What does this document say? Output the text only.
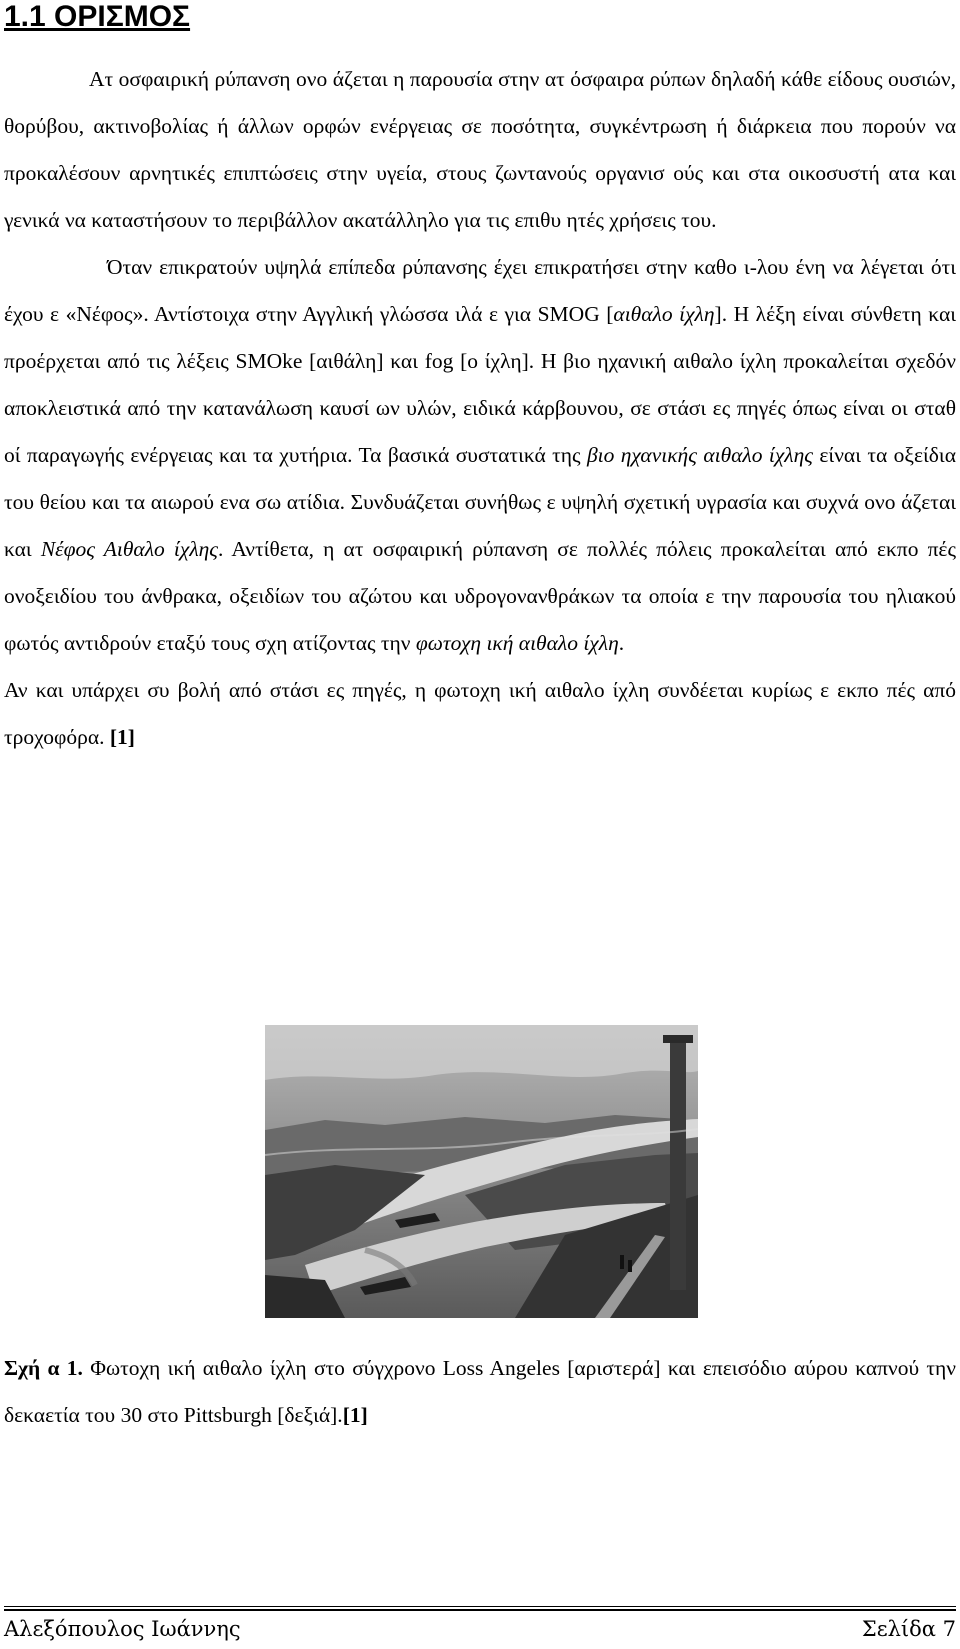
1.1 ΟΡΙΣΜΟΣ

Ατ οσφαιρική ρύπανση ονο άζεται η παρουσία στην ατ όσφαιρα ρύπων δηλαδή κάθε είδους ουσιών, θορύβου, ακτινοβολίας ή άλλων ορφών ενέργειας σε ποσότητα, συγκέντρωση ή διάρκεια που πορούν να προκαλέσουν αρνητικές επιπτώσεις στην υγεία, στους ζωντανούς οργανισ ούς και στα οικοσυστή ατα και γενικά να καταστήσουν το περιβάλλον ακατάλληλο για τις επιθυ ητές χρήσεις του.

Όταν επικρατούν υψηλά επίπεδα ρύπανσης έχει επικρατήσει στην καθο ι-λου ένη να λέγεται ότι έχου ε «Νέφος». Αντίστοιχα στην Αγγλική γλώσσα ιλά ε για SMOG [αιθαλο ίχλη]. Η λέξη είναι σύνθετη και προέρχεται από τις λέξεις SMOke [αιθάλη] και fog [ο ίχλη]. Η βιο ηχανική αιθαλο ίχλη προκαλείται σχεδόν αποκλειστικά από την κατανάλωση καυσί ων υλών, ειδικά κάρβουνου, σε στάσι ες πηγές όπως είναι οι σταθ οί παραγωγής ενέργειας και τα χυτήρια. Τα βασικά συστατικά της βιο ηχανικής αιθαλο ίχλης είναι τα οξείδια του θείου και τα αιωρού ενα σω ατίδια. Συνδυάζεται συνήθως ε υψηλή σχετική υγρασία και συχνά ονο άζεται και Νέφος Αιθαλο ίχλης. Αντίθετα, η ατ οσφαιρική ρύπανση σε πολλές πόλεις προκαλείται από εκπο πές ονοξειδίου του άνθρακα, οξειδίων του αζώτου και υδρογονανθράκων τα οποία ε την παρουσία του ηλιακού φωτός αντιδρούν εταξύ τους σχη ατίζοντας την φωτοχη ική αιθαλο ίχλη.

Αν και υπάρχει συ βολή από στάσι ες πηγές, η φωτοχη ική αιθαλο ίχλη συνδέεται κυρίως ε εκπο πές από τροχοφόρα. [1]

Σχή α 1. Φωτοχη ική αιθαλο ίχλη στο σύγχρονο Loss Angeles [αριστερά] και επεισόδιο αύρου καπνού την δεκαετία του 30 στο Pittsburgh [δεξιά].[1]
Αλεξόπουλος Ιωάννης	Σελίδα 7
